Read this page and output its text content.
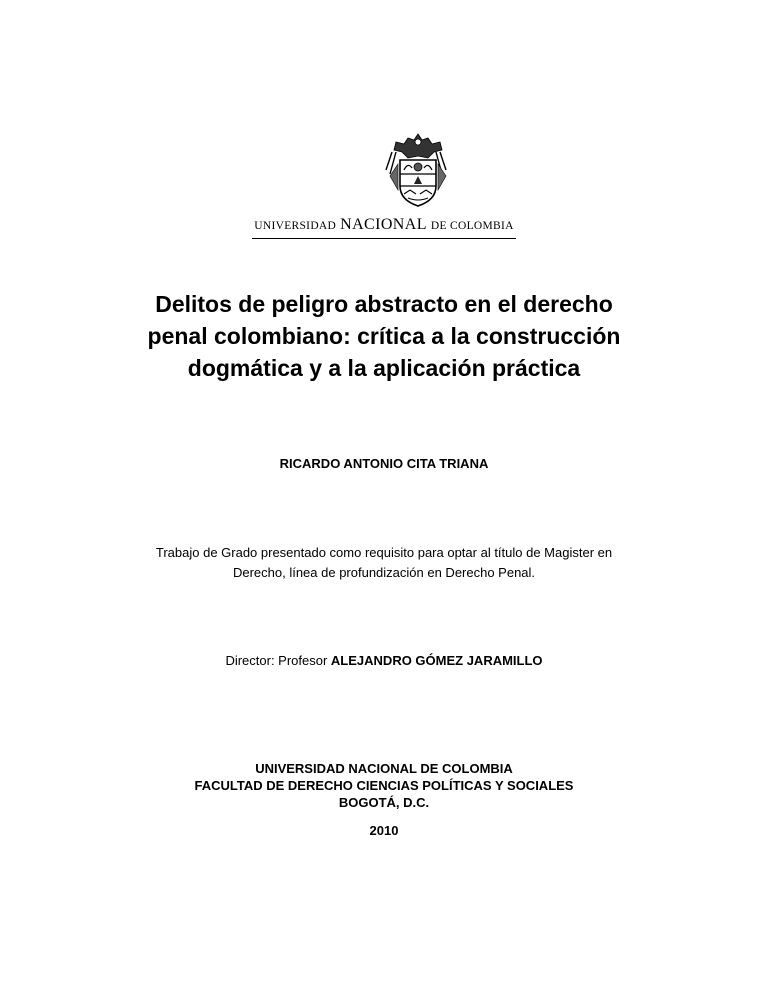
UNIVERSIDAD NACIONAL DE COLOMBIA
Delitos de peligro abstracto en el derecho
penal colombiano: crítica a la construcción
dogmática y a la aplicación práctica
RICARDO ANTONIO CITA TRIANA
Trabajo de Grado presentado como requisito para optar al título de Magister en
Derecho, línea de profundización en Derecho Penal.
Director: Profesor ALEJANDRO GÓMEZ JARAMILLO
UNIVERSIDAD NACIONAL DE COLOMBIA
FACULTAD DE DERECHO CIENCIAS POLÍTICAS Y SOCIALES
BOGOTÁ, D.C.
2010
